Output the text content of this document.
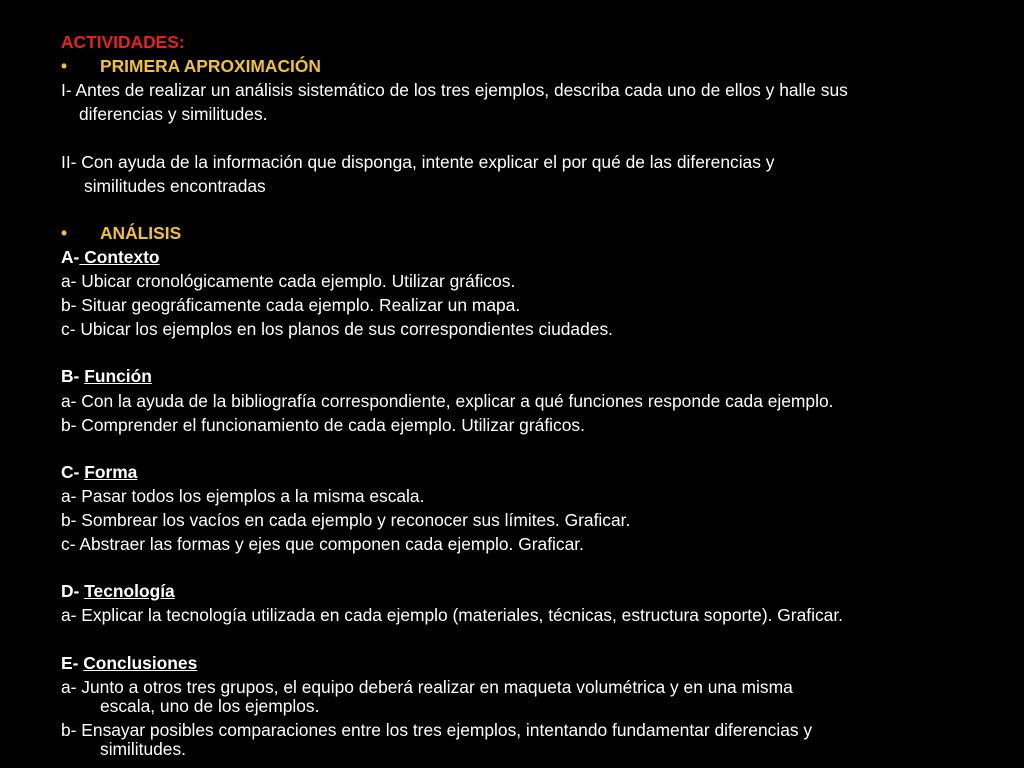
ACTIVIDADES:
• PRIMERA APROXIMACIÓN
I- Antes de realizar un análisis sistemático de los tres ejemplos, describa cada uno de ellos y halle sus
diferencias y similitudes.
II- Con ayuda de la información que disponga, intente explicar el por qué de las diferencias y
similitudes encontradas
• ANÁLISIS
A- Contexto
a- Ubicar cronológicamente cada ejemplo. Utilizar gráficos.
b- Situar geográficamente cada ejemplo. Realizar un mapa.
c- Ubicar los ejemplos en los planos de sus correspondientes ciudades.
B- Función
a- Con la ayuda de la bibliografía correspondiente, explicar a qué funciones responde cada ejemplo.
b- Comprender el funcionamiento de cada ejemplo. Utilizar gráficos.
C- Forma
a- Pasar todos los ejemplos a la misma escala.
b- Sombrear los vacíos en cada ejemplo y reconocer sus límites. Graficar.
c- Abstraer las formas y ejes que componen cada ejemplo. Graficar.
D- Tecnología
a- Explicar la tecnología utilizada en cada ejemplo (materiales, técnicas, estructura soporte). Graficar.
E- Conclusiones
a- Junto a otros tres grupos, el equipo deberá realizar en maqueta volumétrica y en una misma
escala, uno de los ejemplos.
b- Ensayar posibles comparaciones entre los tres ejemplos, intentando fundamentar diferencias y
similitudes.
